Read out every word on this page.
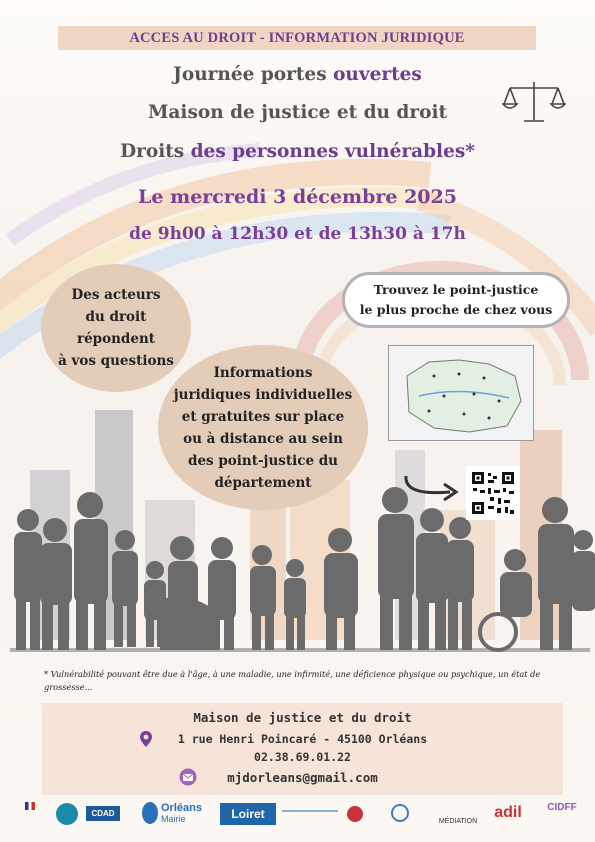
ACCES AU DROIT - INFORMATION JURIDIQUE
Journée portes ouvertes
Maison de justice et du droit
Droits des personnes vulnérables*
Le mercredi 3 décembre 2025
de 9h00 à 12h30 et de 13h30 à 17h
Des acteurs
du droit
répondent
à vos questions
Trouvez le point-justice
le plus proche de chez vous
Informations
juridiques individuelles
et gratuites sur place
ou à distance au sein
des point-justice du
département
* Vulnérabilité pouvant être due à l'âge, à une maladie, une infirmité, une déficience physique ou psychique, un état de grossesse...
Maison de justice et du droit
1 rue Henri Poincaré - 45100 Orléans
02.38.69.01.22
mjdorleans@gmail.com

CDAD	Orléans
Mairie	Loiret
MÉDIATION
adil	CIDFF
